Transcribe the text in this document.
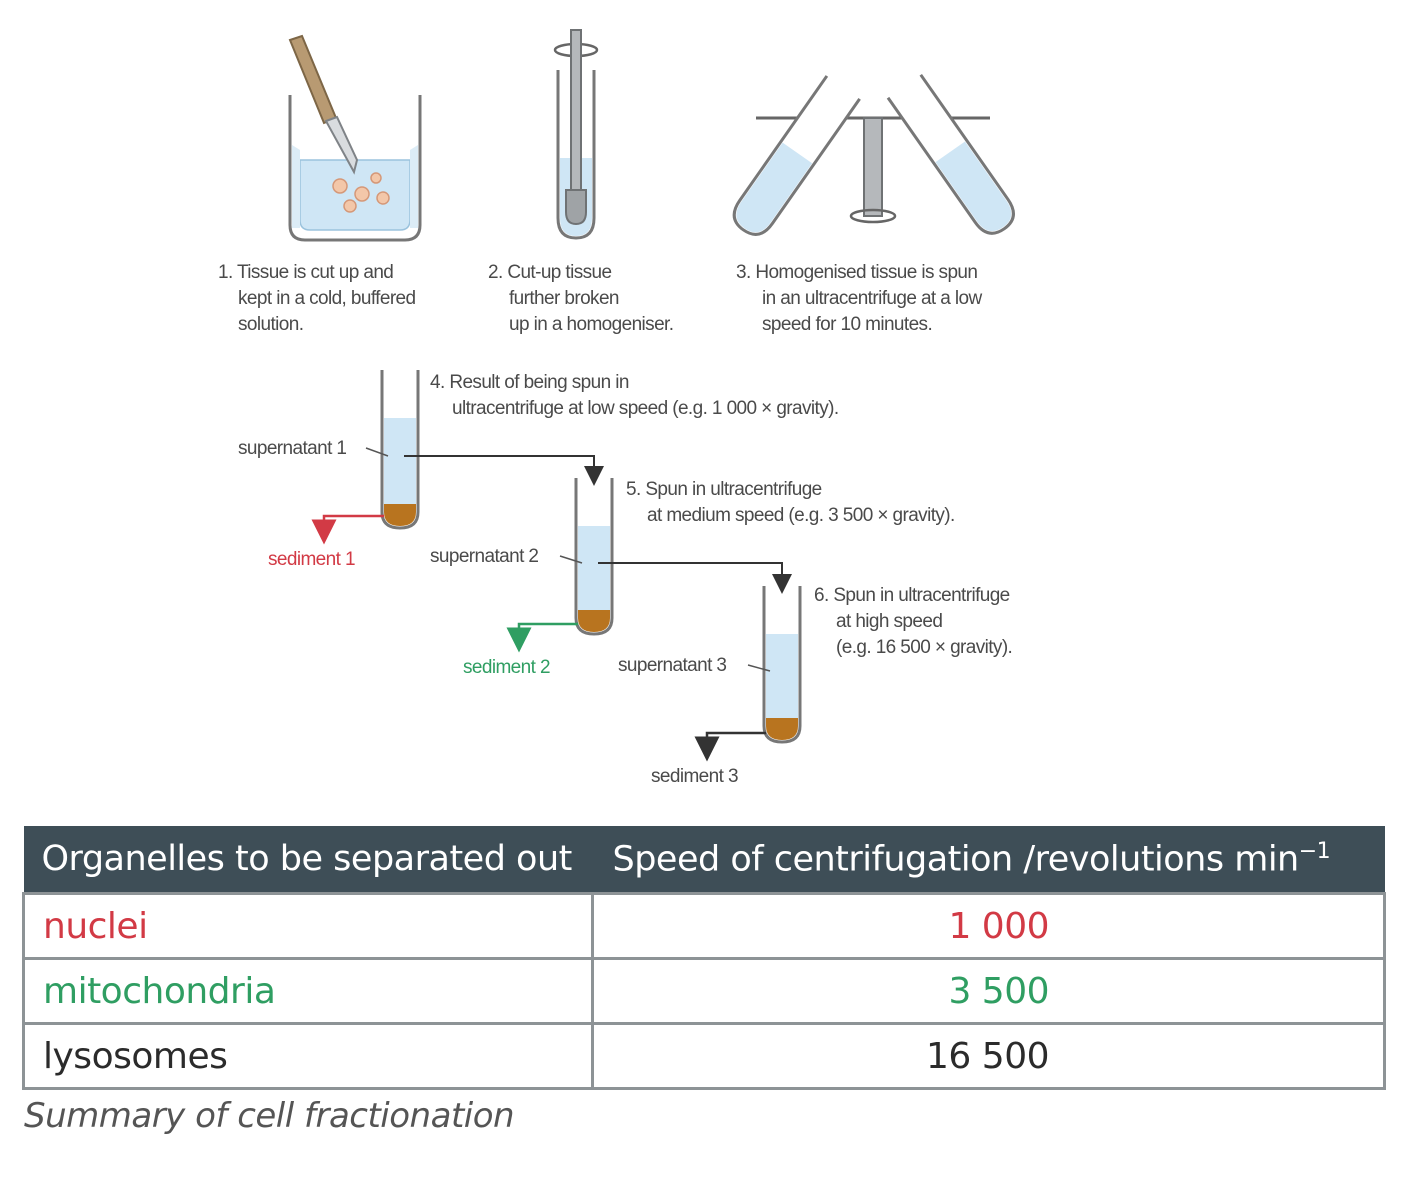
1. Tissue is cut up and
kept in a cold, buffered
solution.
2. Cut-up tissue
further broken
up in a homogeniser.
3. Homogenised tissue is spun
in an ultracentrifuge at a low
speed for 10 minutes.
4. Result of being spun in
ultracentrifuge at low speed (e.g. 1 000 × gravity).
supernatant 1
sediment 1
5. Spun in ultracentrifuge
at medium speed (e.g. 3 500 × gravity).
supernatant 2
sediment 2
6. Spun in ultracentrifuge
at high speed
(e.g. 16 500 × gravity).
supernatant 3
sediment 3
Organelles to be separated out	Speed of centrifugation /revolutions $\min^{-1}$
nuclei	1 000
mitochondria	3 500
lysosomes	16 500
Summary of cell fractionation
